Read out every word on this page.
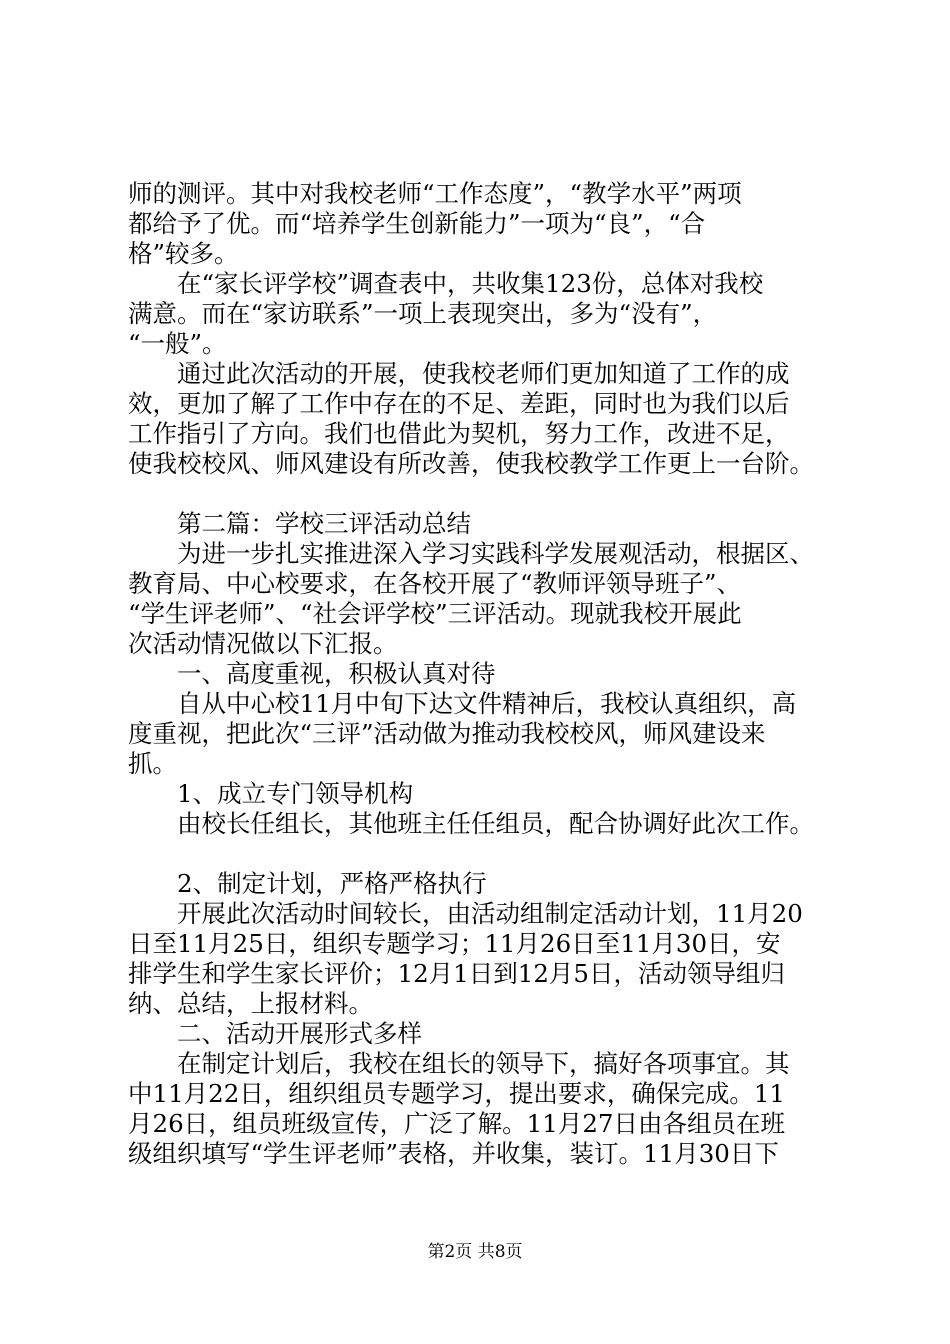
师的测评。其中对我校老师“工作态度”，“教学水平”两项
都给予了优。而“培养学生创新能力”一项为“良”，“合
格”较多。
在“家长评学校”调查表中，共收集123份，总体对我校
满意。而在“家访联系”一项上表现突出，多为“没有”，
“一般”。
通过此次活动的开展，使我校老师们更加知道了工作的成
效，更加了解了工作中存在的不足、差距，同时也为我们以后
工作指引了方向。我们也借此为契机，努力工作，改进不足，
使我校校风、师风建设有所改善，使我校教学工作更上一台阶。
第二篇：学校三评活动总结
为进一步扎实推进深入学习实践科学发展观活动，根据区、
教育局、中心校要求，在各校开展了“教师评领导班子”、
“学生评老师”、“社会评学校”三评活动。现就我校开展此
次活动情况做以下汇报。
一、高度重视，积极认真对待
自从中心校11月中旬下达文件精神后，我校认真组织，高
度重视，把此次“三评”活动做为推动我校校风，师风建设来
抓。
1、成立专门领导机构
由校长任组长，其他班主任任组员，配合协调好此次工作。
2、制定计划，严格严格执行
开展此次活动时间较长，由活动组制定活动计划，11月20
日至11月25日，组织专题学习；11月26日至11月30日，安
排学生和学生家长评价；12月1日到12月5日，活动领导组归
纳、总结，上报材料。
二、活动开展形式多样
在制定计划后，我校在组长的领导下，搞好各项事宜。其
中11月22日，组织组员专题学习，提出要求，确保完成。11
月26日，组员班级宣传，广泛了解。11月27日由各组员在班
级组织填写“学生评老师”表格，并收集，装订。11月30日下
第2页 共8页
